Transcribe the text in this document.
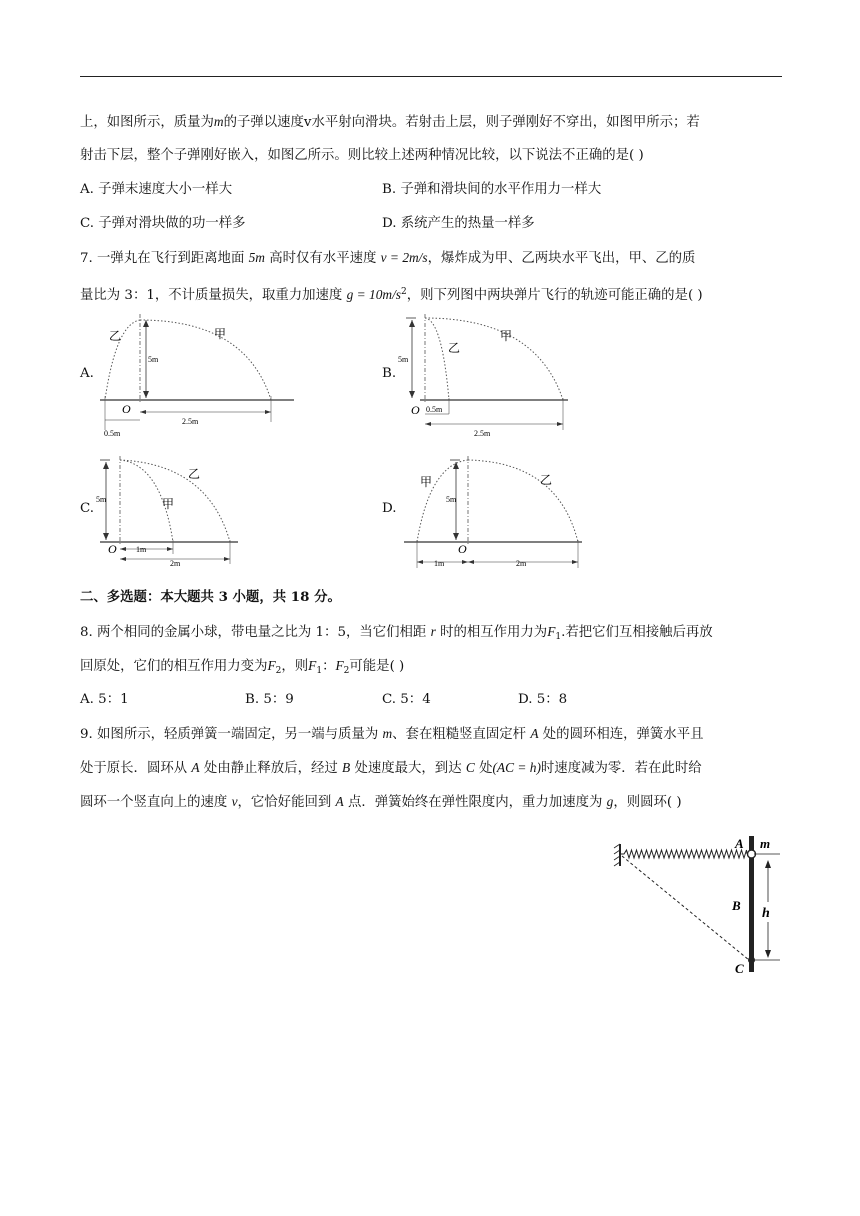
上，如图所示，质量为m的子弹以速度v水平射向滑块。若射击上层，则子弹刚好不穿出，如图甲所示；若
射击下层，整个子弹刚好嵌入，如图乙所示。则比较上述两种情况比较，以下说法不正确的是( )
A. 子弹末速度大小一样大	B. 子弹和滑块间的水平作用力一样大
C. 子弹对滑块做的功一样多	D. 系统产生的热量一样多
7. 一弹丸在飞行到距离地面 5m 高时仅有水平速度 v = 2m/s，爆炸成为甲、乙两块水平飞出，甲、乙的质
量比为 3：1，不计质量损失，取重力加速度 $g = 10m/s^2$，则下列图中两块弹片飞行的轨迹可能正确的是( )
A.	B.
C.	D.
乙	甲
5m
O
0.5m
2.5m
乙
甲
5m
O 0.5m
2.5m
乙
甲
5m
O 1m
2m
甲	乙
5m
O
1m	2m
二、多选题：本大题共 3 小题，共 18 分。
8. 两个相同的金属小球，带电量之比为 1：5，当它们相距 r 时的相互作用力为$F_1$.若把它们互相接触后再放
回原处，它们的相互作用力变为$F_2$，则$F_1$：$F_2$可能是( )
A. 5：1	B. 5：9	C. 5：4	D. 5：8
9. 如图所示，轻质弹簧一端固定，另一端与质量为 m、套在粗糙竖直固定杆 A 处的圆环相连，弹簧水平且
处于原长．圆环从 A 处由静止释放后，经过 B 处速度最大，到达 C 处(AC = h)时速度减为零．若在此时给
圆环一个竖直向上的速度 v，它恰好能回到 A 点．弹簧始终在弹性限度内，重力加速度为 g，则圆环( )
A m
B
h
C
